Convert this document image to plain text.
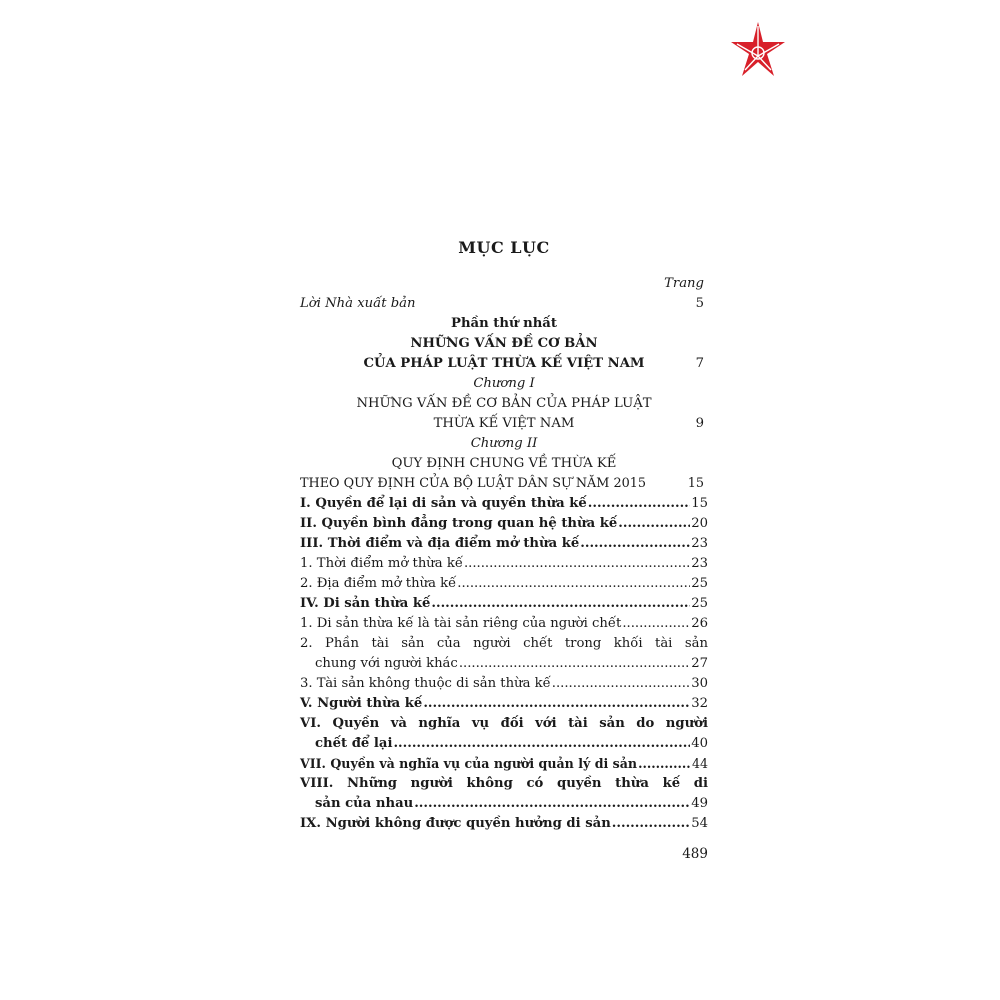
MỤC LỤC
Trang
Lời Nhà xuất bản	5
Phần thứ nhất
NHỮNG VẤN ĐỀ CƠ BẢN
CỦA PHÁP LUẬT THỪA KẾ VIỆT NAM	7
Chương I
NHỮNG VẤN ĐỀ CƠ BẢN CỦA PHÁP LUẬT
THỪA KẾ VIỆT NAM	9
Chương II
QUY ĐỊNH CHUNG VỀ THỪA KẾ
THEO QUY ĐỊNH CỦA BỘ LUẬT DÂN SỰ NĂM 2015	15
I. Quyền để lại di sản và quyền thừa kế .....	15
II. Quyền bình đẳng trong quan hệ thừa kế .....	20
III. Thời điểm và địa điểm mở thừa kế .....	23
1. Thời điểm mở thừa kế .....	23
2. Địa điểm mở thừa kế .....	25
IV. Di sản thừa kế .....	25
1. Di sản thừa kế là tài sản riêng của người chết .....	26
2. Phần tài sản của người chết trong khối tài sản
chung với người khác .....	27
3. Tài sản không thuộc di sản thừa kế .....	30
V. Người thừa kế .....	32
VI. Quyền và nghĩa vụ đối với tài sản do người
chết để lại .....	40
VII. Quyền và nghĩa vụ của người quản lý di sản .....	44
VIII. Những người không có quyền thừa kế di
sản của nhau .....	49
IX. Người không được quyền hưởng di sản .....	54
489
